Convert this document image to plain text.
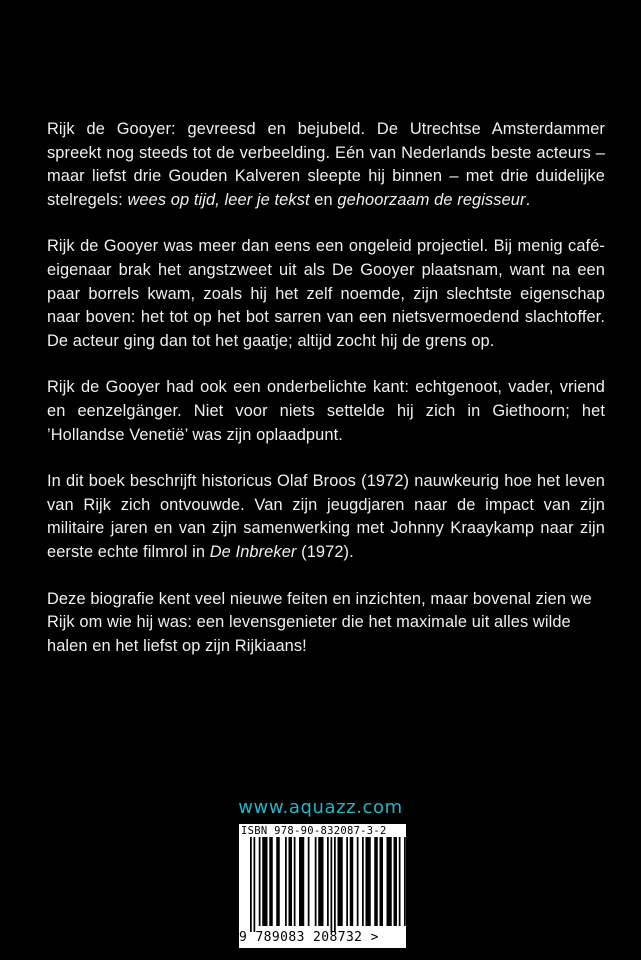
Rijk de Gooyer: gevreesd en bejubeld. De Utrechtse Amsterdammer spreekt nog steeds tot de verbeelding. Eén van Nederlands beste acteurs – maar liefst drie Gouden Kalveren sleepte hij binnen – met drie duidelijke stelregels: wees op tijd, leer je tekst en gehoorzaam de regisseur.

Rijk de Gooyer was meer dan eens een ongeleid projectiel. Bij menig café-eigenaar brak het angstzweet uit als De Gooyer plaatsnam, want na een paar borrels kwam, zoals hij het zelf noemde, zijn slechtste eigenschap naar boven: het tot op het bot sarren van een nietsvermoedend slachtoffer. De acteur ging dan tot het gaatje; altijd zocht hij de grens op.

Rijk de Gooyer had ook een onderbelichte kant: echtgenoot, vader, vriend en eenzelgänger. Niet voor niets settelde hij zich in Giethoorn; het ’Hollandse Venetië’ was zijn oplaadpunt.

In dit boek beschrijft historicus Olaf Broos (1972) nauwkeurig hoe het leven van Rijk zich ontvouwde. Van zijn jeugdjaren naar de impact van zijn militaire jaren en van zijn samenwerking met Johnny Kraaykamp naar zijn eerste echte filmrol in De Inbreker (1972).

Deze biografie kent veel nieuwe feiten en inzichten, maar bovenal zien we Rijk om wie hij was: een levensgenieter die het maximale uit alles wilde halen en het liefst op zijn Rijkiaans!

www.aquazz.com
ISBN 978-90-832087-3-2
9 789083 208732 >
